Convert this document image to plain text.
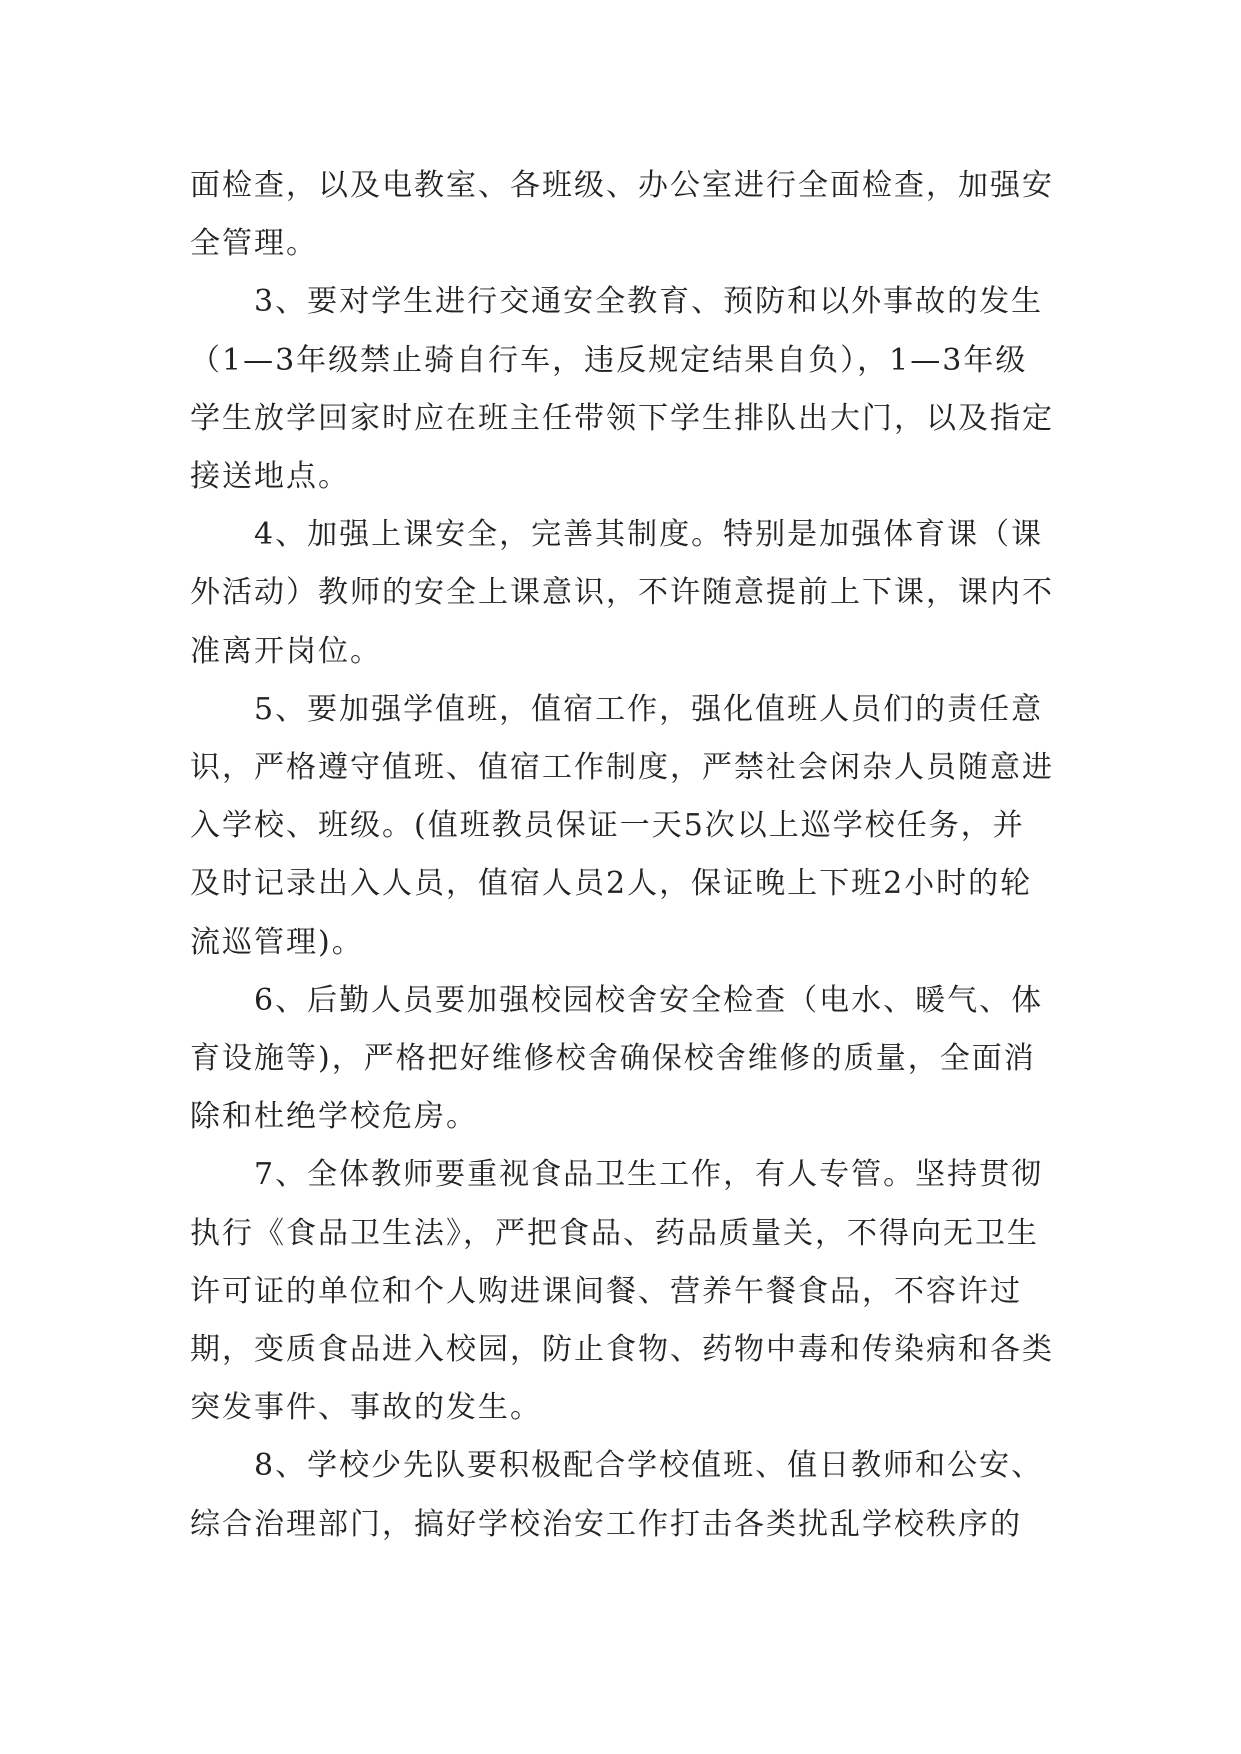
面检查，以及电教室、各班级、办公室进行全面检查，加强安全管理。

3、要对学生进行交通安全教育、预防和以外事故的发生（1—3年级禁止骑自行车，违反规定结果自负），1—3年级学生放学回家时应在班主任带领下学生排队出大门，以及指定接送地点。

4、加强上课安全，完善其制度。特别是加强体育课（课外活动）教师的安全上课意识，不许随意提前上下课，课内不准离开岗位。

5、要加强学值班，值宿工作，强化值班人员们的责任意识，严格遵守值班、值宿工作制度，严禁社会闲杂人员随意进入学校、班级。(值班教员保证一天5次以上巡学校任务，并及时记录出入人员，值宿人员2人，保证晚上下班2小时的轮流巡管理)。

6、后勤人员要加强校园校舍安全检查（电水、暖气、体育设施等)，严格把好维修校舍确保校舍维修的质量，全面消除和杜绝学校危房。

7、全体教师要重视食品卫生工作，有人专管。坚持贯彻执行《食品卫生法》，严把食品、药品质量关，不得向无卫生许可证的单位和个人购进课间餐、营养午餐食品，不容许过期，变质食品进入校园，防止食物、药物中毒和传染病和各类突发事件、事故的发生。

8、学校少先队要积极配合学校值班、值日教师和公安、综合治理部门，搞好学校治安工作打击各类扰乱学校秩序的
